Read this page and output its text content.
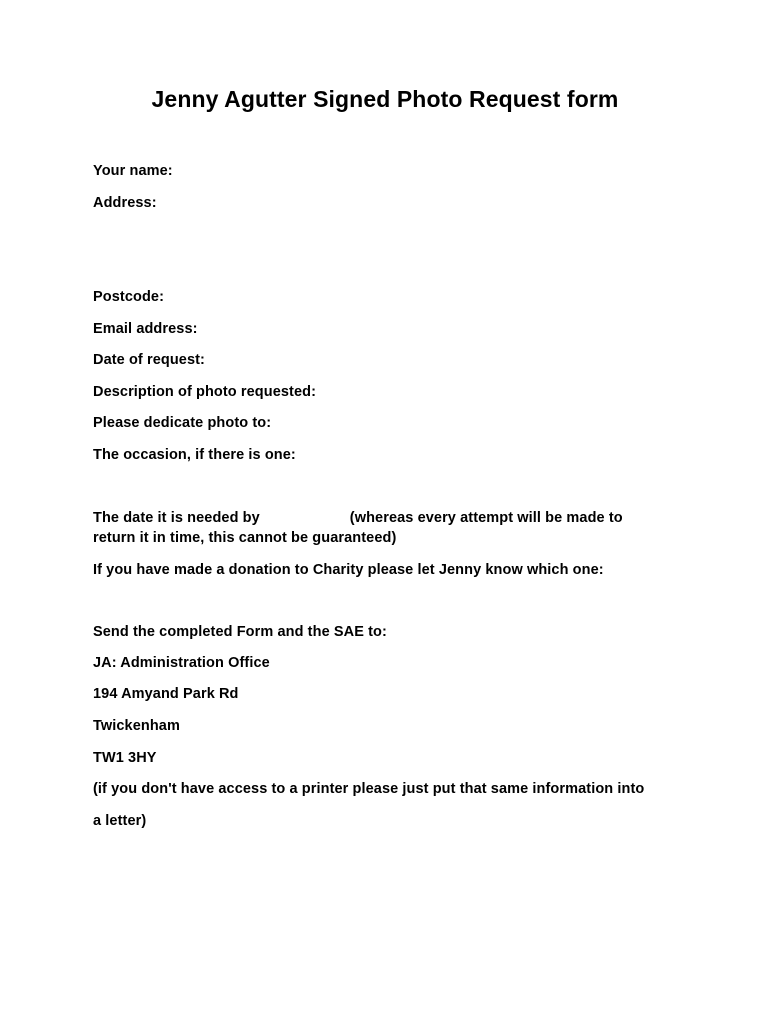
Jenny Agutter Signed Photo Request form

Your name:

Address:

Postcode:

Email address:

Date of request:

Description of photo requested:

Please dedicate photo to:

The occasion, if there is one:

The date it is needed by	(whereas every attempt will be made to

return it in time, this cannot be guaranteed)

If you have made a donation to Charity please let Jenny know which one:

Send the completed Form and the SAE to:

JA: Administration Office

194 Amyand Park Rd

Twickenham

TW1 3HY

(if you don't have access to a printer please just put that same information into

a letter)
